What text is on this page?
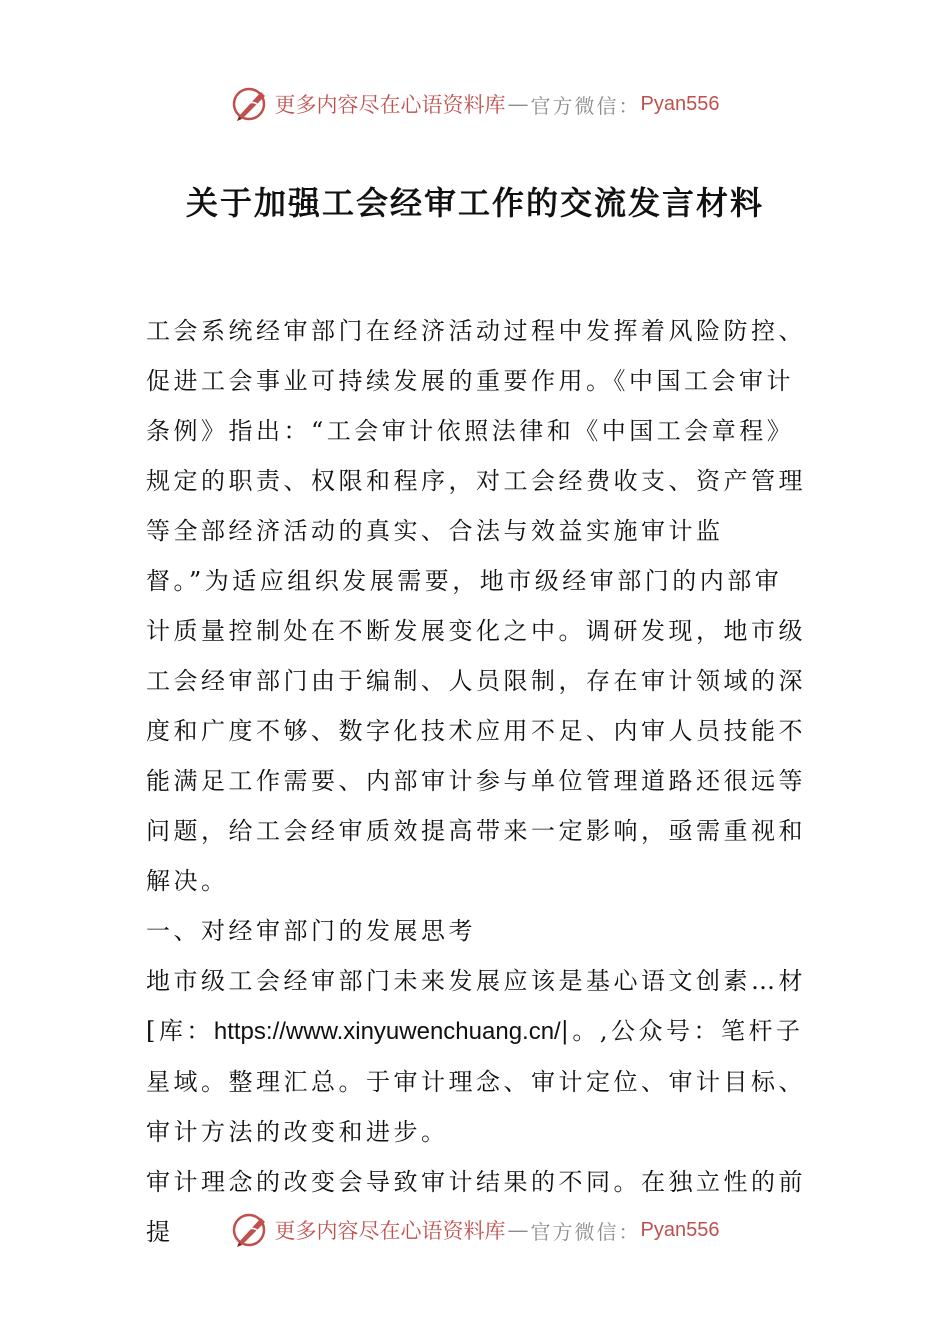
更多内容尽在心语资料库 — 官方微信： Pyan556
关于加强工会经审工作的交流发言材料

工会系统经审部门在经济活动过程中发挥着风险防控、促进工会事业可持续发展的重要作用。《中国工会审计条例》指出：“工会审计依照法律和《中国工会章程》规定的职责、权限和程序，对工会经费收支、资产管理等全部经济活动的真实、合法与效益实施审计监督。”为适应组织发展需要，地市级经审部门的内部审计质量控制处在不断发展变化之中。调研发现，地市级工会经审部门由于编制、人员限制，存在审计领域的深度和广度不够、数字化技术应用不足、内审人员技能不能满足工作需要、内部审计参与单位管理道路还很远等问题，给工会经审质效提高带来一定影响，亟需重视和解决。

一、对经审部门的发展思考

地市级工会经审部门未来发展应该是基心语文创素…材[库：https://www.xinyuwenchuang.cn/|。,公众号：笔杆子星域。整理汇总。于审计理念、审计定位、审计目标、审计方法的改变和进步。

审计理念的改变会导致审计结果的不同。在独立性的前提	更多内容尽在心语资料库 — 官方微信： Pyan556
